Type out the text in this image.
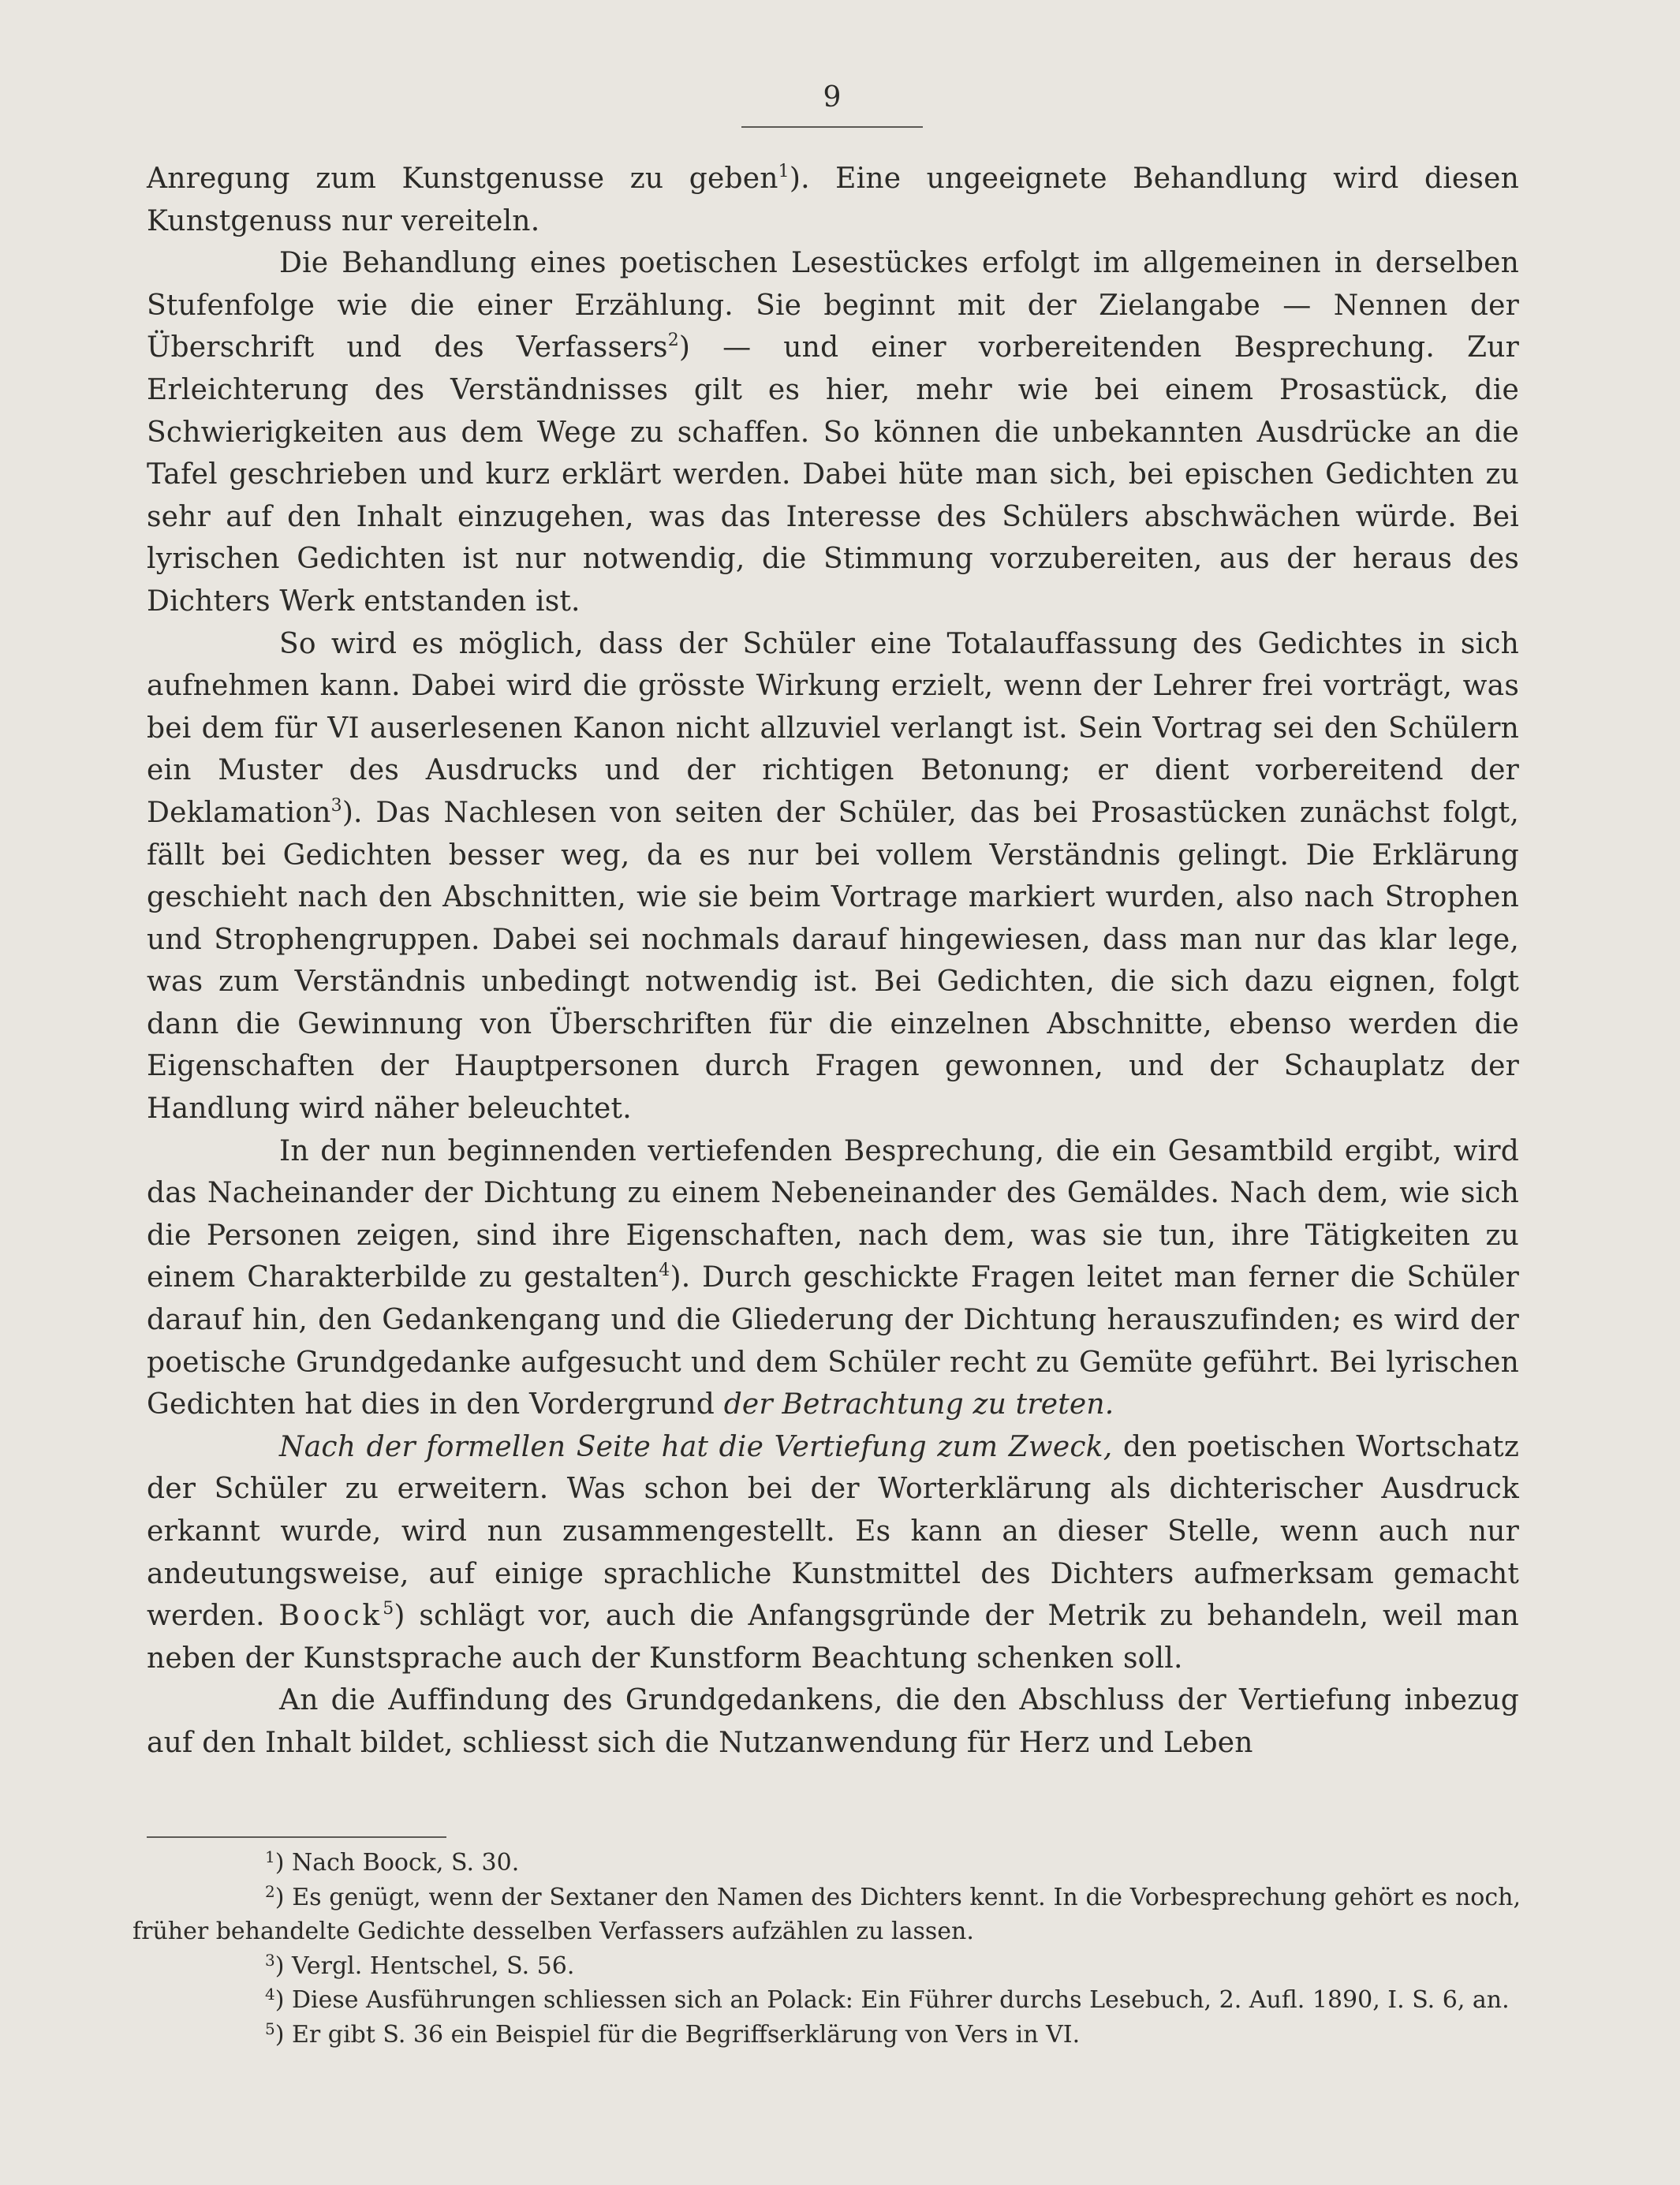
9

Anregung zum Kunstgenusse zu geben$^1$). Eine ungeeignete Behandlung wird diesen Kunstgenuss nur vereiteln.

Die Behandlung eines poetischen Lesestückes erfolgt im allgemeinen in derselben Stufenfolge wie die einer Erzählung. Sie beginnt mit der Zielangabe — Nennen der Überschrift und des Verfassers$^2$) — und einer vorbereitenden Besprechung. Zur Erleichterung des Verständnisses gilt es hier, mehr wie bei einem Prosastück, die Schwierigkeiten aus dem Wege zu schaffen. So können die unbekannten Ausdrücke an die Tafel geschrieben und kurz erklärt werden. Dabei hüte man sich, bei epischen Gedichten zu sehr auf den Inhalt einzugehen, was das Interesse des Schülers abschwächen würde. Bei lyrischen Gedichten ist nur notwendig, die Stimmung vorzubereiten, aus der heraus des Dichters Werk entstanden ist.

So wird es möglich, dass der Schüler eine Totalauffassung des Gedichtes in sich aufnehmen kann. Dabei wird die grösste Wirkung erzielt, wenn der Lehrer frei vorträgt, was bei dem für VI auserlesenen Kanon nicht allzuviel verlangt ist. Sein Vortrag sei den Schülern ein Muster des Ausdrucks und der richtigen Betonung; er dient vorbereitend der Deklamation$^3$). Das Nachlesen von seiten der Schüler, das bei Prosastücken zunächst folgt, fällt bei Gedichten besser weg, da es nur bei vollem Verständnis gelingt. Die Erklärung geschieht nach den Abschnitten, wie sie beim Vortrage markiert wurden, also nach Strophen und Strophengruppen. Dabei sei nochmals darauf hingewiesen, dass man nur das klar lege, was zum Verständnis unbedingt notwendig ist. Bei Gedichten, die sich dazu eignen, folgt dann die Gewinnung von Überschriften für die einzelnen Abschnitte, ebenso werden die Eigenschaften der Hauptpersonen durch Fragen gewonnen, und der Schauplatz der Handlung wird näher beleuchtet.

In der nun beginnenden vertiefenden Besprechung, die ein Gesamtbild ergibt, wird das Nacheinander der Dichtung zu einem Nebeneinander des Gemäldes. Nach dem, wie sich die Personen zeigen, sind ihre Eigenschaften, nach dem, was sie tun, ihre Tätigkeiten zu einem Charakterbilde zu gestalten$^4$). Durch geschickte Fragen leitet man ferner die Schüler darauf hin, den Gedankengang und die Gliederung der Dichtung herauszufinden; es wird der poetische Grundgedanke aufgesucht und dem Schüler recht zu Gemüte geführt. Bei lyrischen Gedichten hat dies in den Vordergrund der Betrachtung zu treten.

Nach der formellen Seite hat die Vertiefung zum Zweck, den poetischen Wortschatz der Schüler zu erweitern. Was schon bei der Worterklärung als dichterischer Ausdruck erkannt wurde, wird nun zusammengestellt. Es kann an dieser Stelle, wenn auch nur andeutungsweise, auf einige sprachliche Kunstmittel des Dichters aufmerksam gemacht werden. Boock$^5$) schlägt vor, auch die Anfangsgründe der Metrik zu behandeln, weil man neben der Kunstsprache auch der Kunstform Beachtung schenken soll.

An die Auffindung des Grundgedankens, die den Abschluss der Vertiefung inbezug auf den Inhalt bildet, schliesst sich die Nutzanwendung für Herz und Leben

$^1$) Nach Boock, S. 30.

$^2$) Es genügt, wenn der Sextaner den Namen des Dichters kennt. In die Vorbesprechung gehört es noch, früher behandelte Gedichte desselben Verfassers aufzählen zu lassen.

$^3$) Vergl. Hentschel, S. 56.

$^4$) Diese Ausführungen schliessen sich an Polack: Ein Führer durchs Lesebuch, 2. Aufl. 1890, I. S. 6, an.

$^5$) Er gibt S. 36 ein Beispiel für die Begriffserklärung von Vers in VI.
